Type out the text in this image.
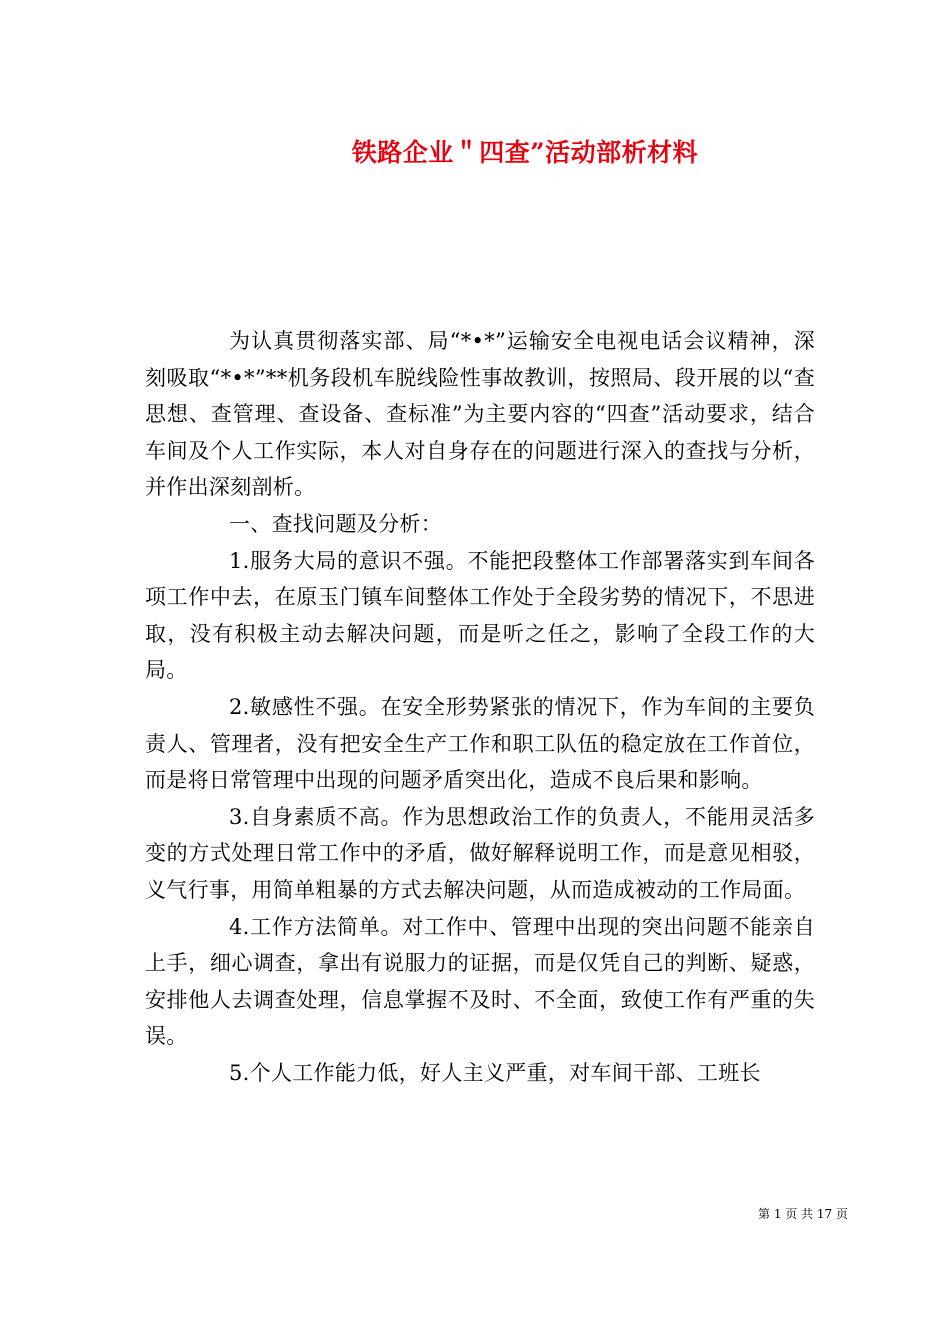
铁路企业＂四查”活动部析材料

为认真贯彻落实部、局“*•*”运输安全电视电话会议精神，深刻吸取“*•*”**机务段机车脱线险性事故教训，按照局、段开展的以“查思想、查管理、查设备、查标准”为主要内容的“四查”活动要求，结合车间及个人工作实际，本人对自身存在的问题进行深入的查找与分析，并作出深刻剖析。

一、查找问题及分析：

1.服务大局的意识不强。不能把段整体工作部署落实到车间各项工作中去，在原玉门镇车间整体工作处于全段劣势的情况下，不思进取，没有积极主动去解决问题，而是听之任之，影响了全段工作的大局。

2.敏感性不强。在安全形势紧张的情况下，作为车间的主要负责人、管理者，没有把安全生产工作和职工队伍的稳定放在工作首位，而是将日常管理中出现的问题矛盾突出化，造成不良后果和影响。

3.自身素质不高。作为思想政治工作的负责人，不能用灵活多变的方式处理日常工作中的矛盾，做好解释说明工作，而是意见相驳，义气行事，用简单粗暴的方式去解决问题，从而造成被动的工作局面。

4.工作方法简单。对工作中、管理中出现的突出问题不能亲自上手，细心调查，拿出有说服力的证据，而是仅凭自己的判断、疑惑，安排他人去调查处理，信息掌握不及时、不全面，致使工作有严重的失误。

5.个人工作能力低，好人主义严重，对车间干部、工班长

第 1 页 共 17 页
